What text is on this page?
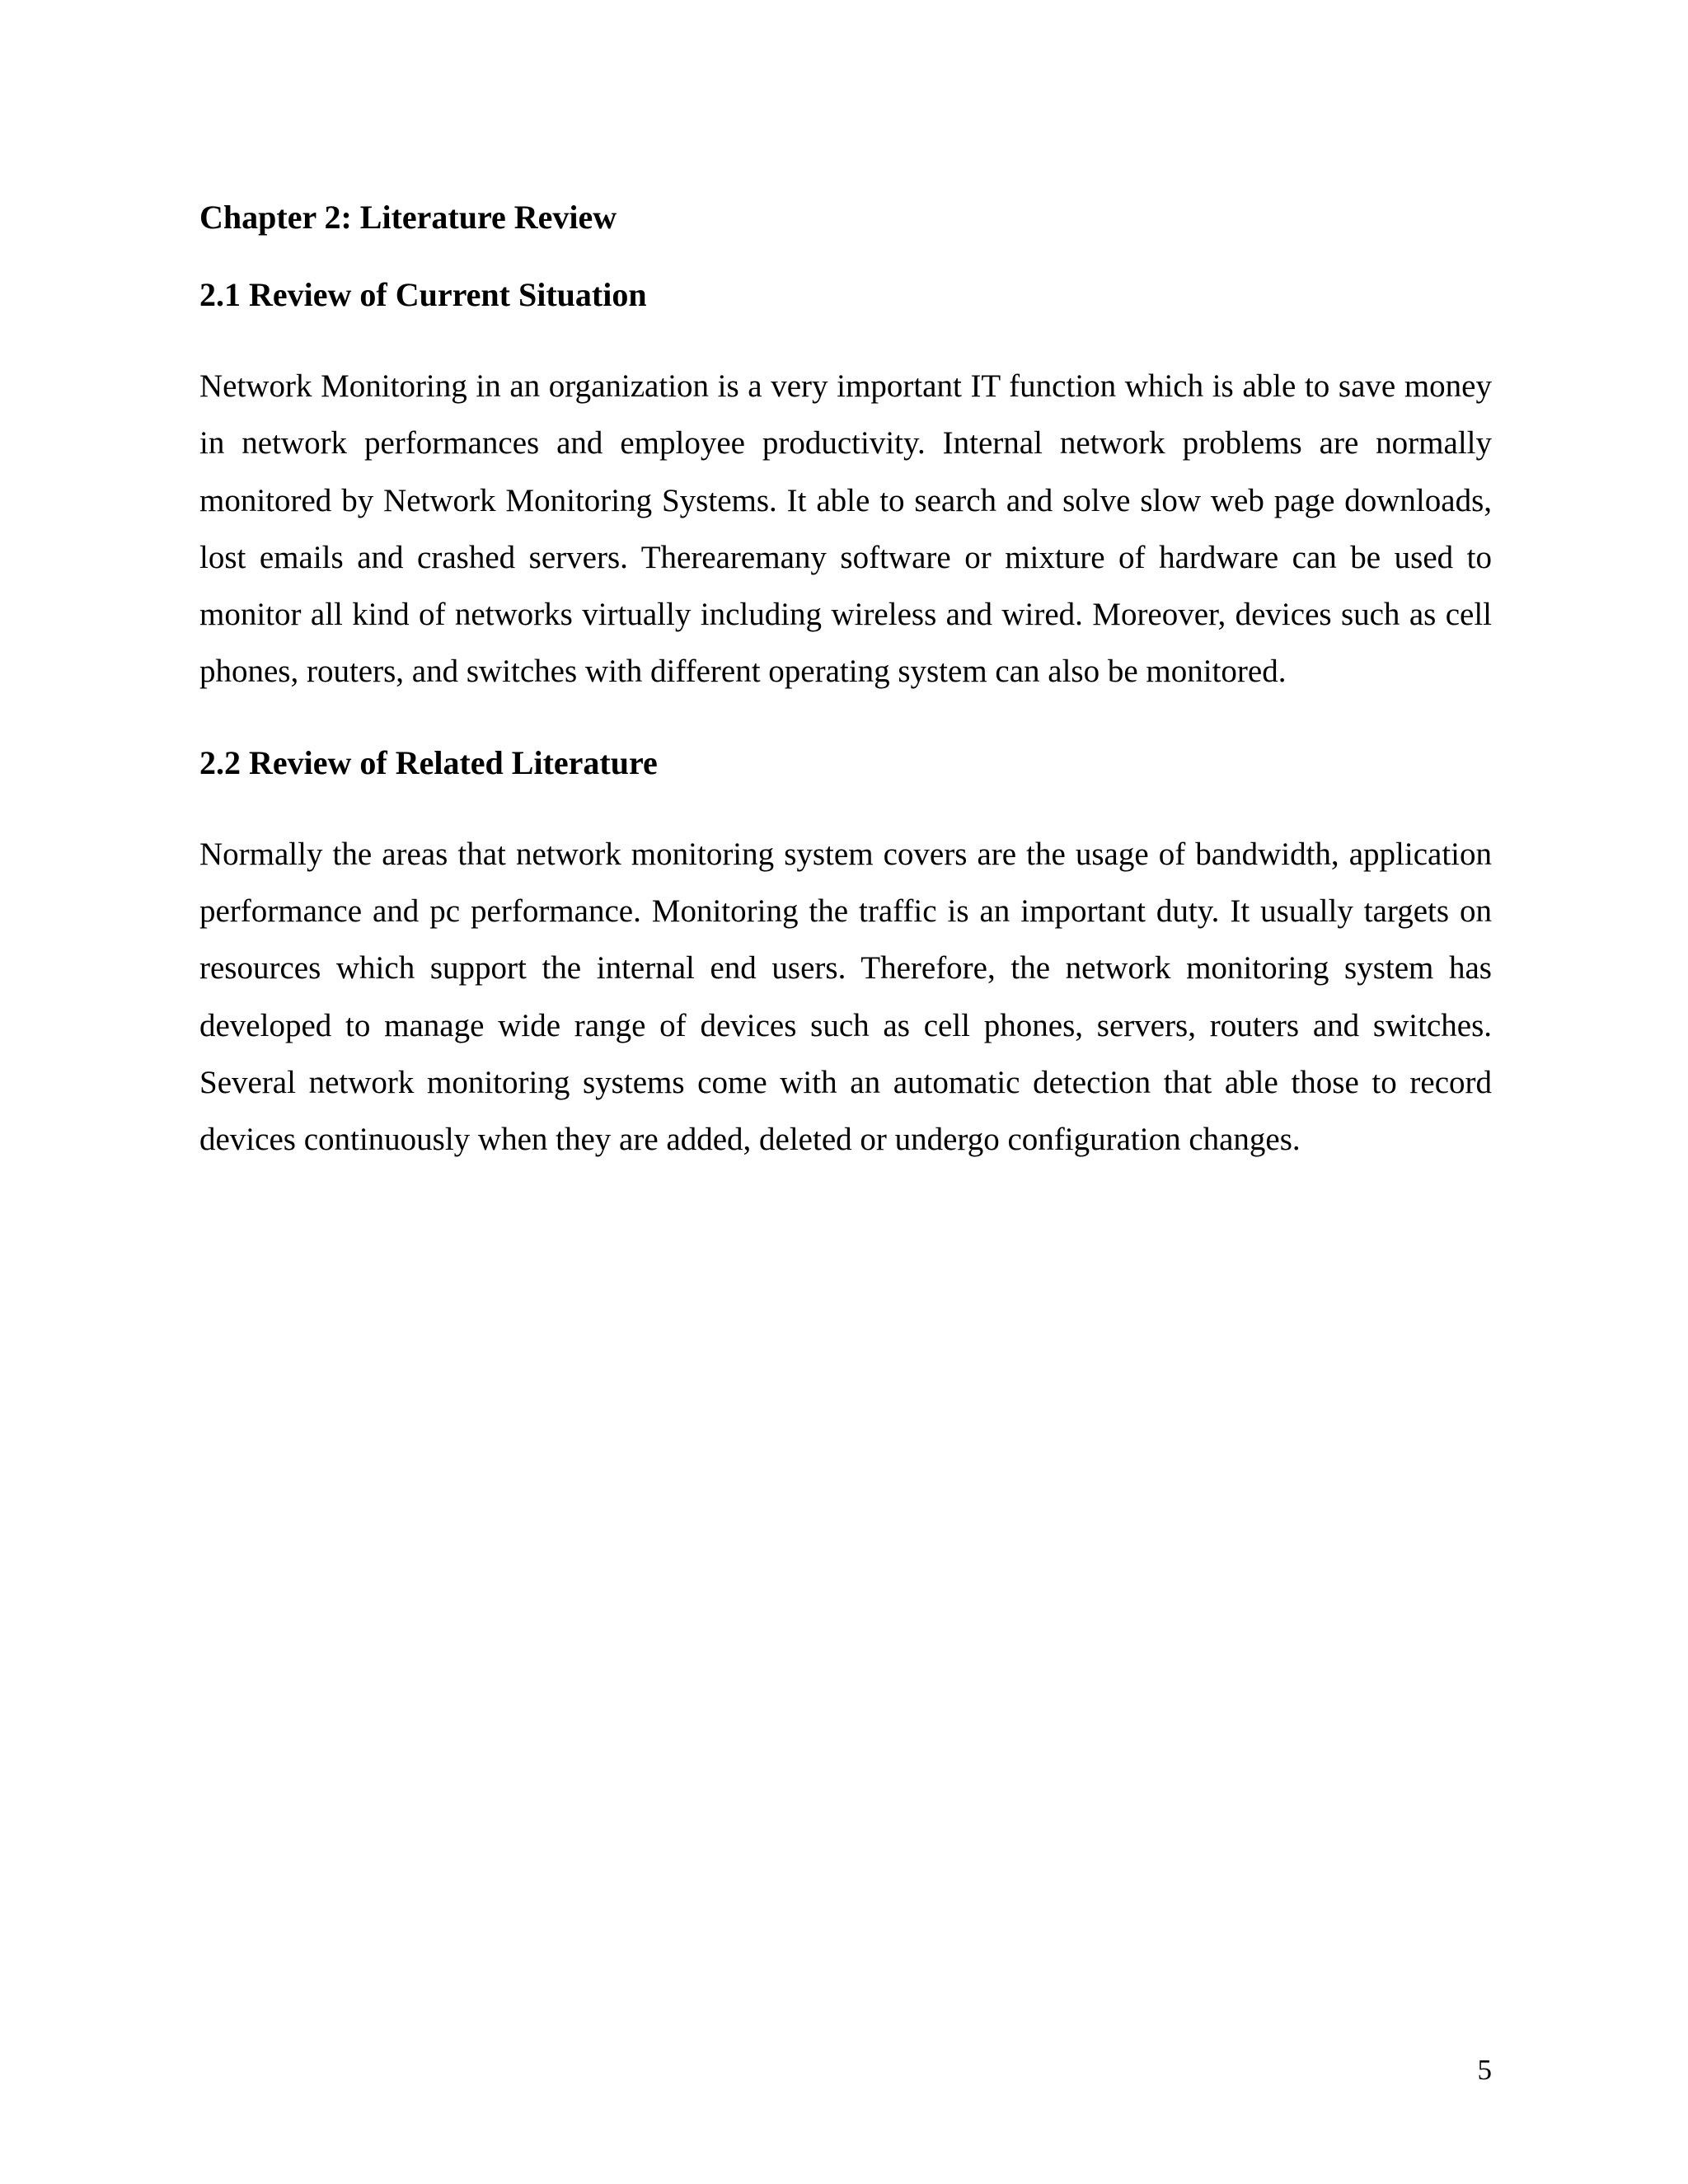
Chapter 2: Literature Review
2.1 Review of Current Situation

Network Monitoring in an organization is a very important IT function which is able to save money in network performances and employee productivity. Internal network problems are normally monitored by Network Monitoring Systems. It able to search and solve slow web page downloads, lost emails and crashed servers. Therearemany software or mixture of hardware can be used to monitor all kind of networks virtually including wireless and wired. Moreover, devices such as cell phones, routers, and switches with different operating system can also be monitored.

2.2 Review of Related Literature

Normally the areas that network monitoring system covers are the usage of bandwidth, application performance and pc performance. Monitoring the traffic is an important duty. It usually targets on resources which support the internal end users. Therefore, the network monitoring system has developed to manage wide range of devices such as cell phones, servers, routers and switches. Several network monitoring systems come with an automatic detection that able those to record devices continuously when they are added, deleted or undergo configuration changes.

5
